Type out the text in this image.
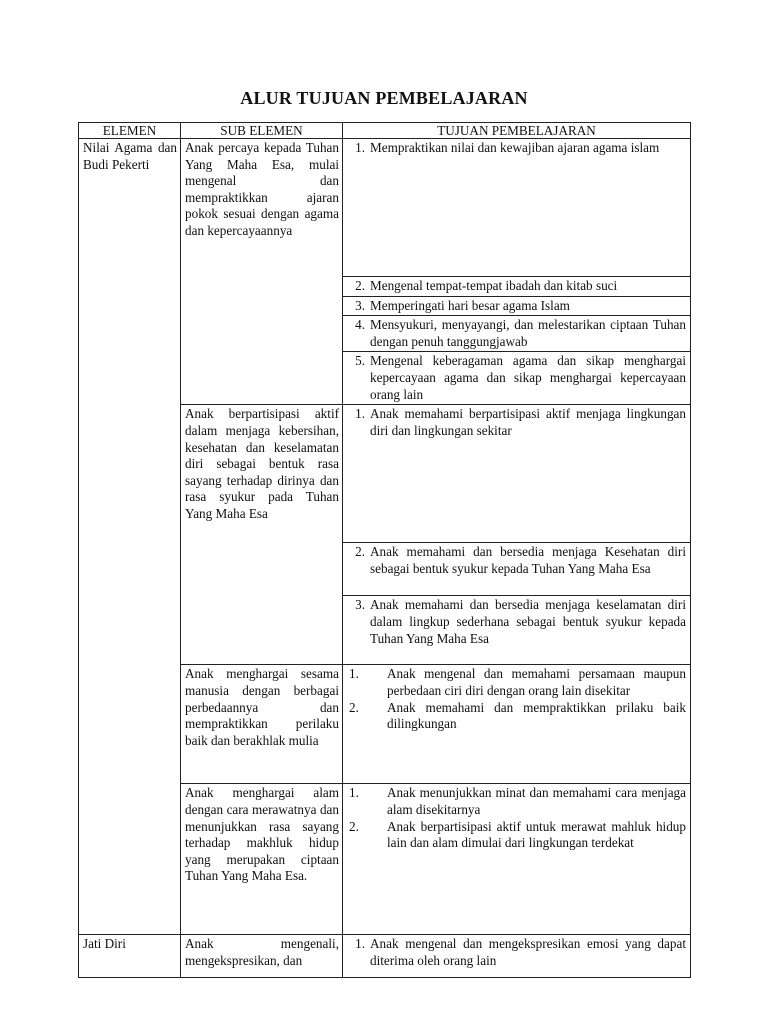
ALUR TUJUAN PEMBELAJARAN
ELEMEN	SUB ELEMEN	TUJUAN PEMBELAJARAN
Nilai Agama dan Budi Pekerti	Anak percaya kepada Tuhan Yang Maha Esa, mulai mengenal dan mempraktikkan ajaran pokok sesuai dengan agama dan kepercayaannya	1. Mempraktikan nilai dan kewajiban ajaran agama islam

		2. Mengenal tempat-tempat ibadah dan kitab suci

		3. Memperingati hari besar agama Islam

		4. Mensyukuri, menyayangi, dan melestarikan ciptaan Tuhan dengan penuh tanggungjawab

		5. Mengenal keberagaman agama dan sikap menghargai kepercayaan agama dan sikap menghargai kepercayaan orang lain

	Anak berpartisipasi aktif dalam menjaga kebersihan, kesehatan dan keselamatan diri sebagai bentuk rasa sayang terhadap dirinya dan rasa syukur pada Tuhan Yang Maha Esa	1. Anak memahami berpartisipasi aktif menjaga lingkungan diri dan lingkungan sekitar

		2. Anak memahami dan bersedia menjaga Kesehatan diri sebagai bentuk syukur kepada Tuhan Yang Maha Esa

		3. Anak memahami dan bersedia menjaga keselamatan diri dalam lingkup sederhana sebagai bentuk syukur kepada Tuhan Yang Maha Esa

	Anak menghargai sesama manusia dengan berbagai perbedaannya dan mempraktikkan perilaku baik dan berakhlak mulia	1. Anak mengenal dan memahami persamaan maupun perbedaan ciri diri dengan orang lain disekitar
2. Anak memahami dan mempraktikkan prilaku baik dilingkungan

	Anak menghargai alam dengan cara merawatnya dan menunjukkan rasa sayang terhadap makhluk hidup yang merupakan ciptaan Tuhan Yang Maha Esa.	1. Anak menunjukkan minat dan memahami cara menjaga alam disekitarnya
2. Anak berpartisipasi aktif untuk merawat mahluk hidup lain dan alam dimulai dari lingkungan terdekat

Jati Diri	Anak mengenali, mengekspresikan, dan	1. Anak mengenal dan mengekspresikan emosi yang dapat diterima oleh orang lain
